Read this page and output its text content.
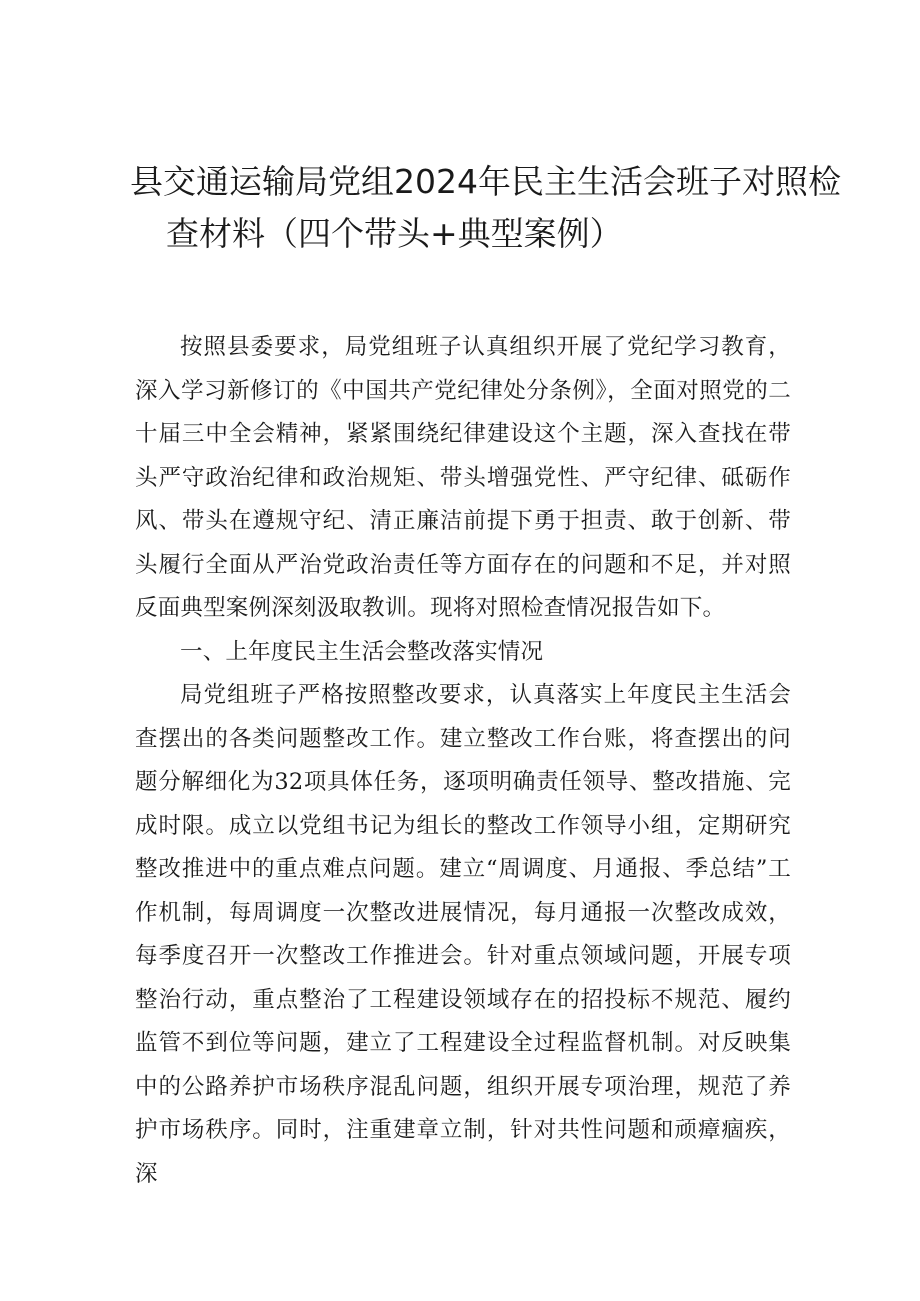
县交通运输局党组2024年民主生活会班子对照检
查材料（四个带头+典型案例）

按照县委要求，局党组班子认真组织开展了党纪学习教育，深入学习新修订的《中国共产党纪律处分条例》，全面对照党的二十届三中全会精神，紧紧围绕纪律建设这个主题，深入查找在带头严守政治纪律和政治规矩、带头增强党性、严守纪律、砥砺作风、带头在遵规守纪、清正廉洁前提下勇于担责、敢于创新、带头履行全面从严治党政治责任等方面存在的问题和不足，并对照反面典型案例深刻汲取教训。现将对照检查情况报告如下。

一、上年度民主生活会整改落实情况

局党组班子严格按照整改要求，认真落实上年度民主生活会查摆出的各类问题整改工作。建立整改工作台账，将查摆出的问题分解细化为32项具体任务，逐项明确责任领导、整改措施、完成时限。成立以党组书记为组长的整改工作领导小组，定期研究整改推进中的重点难点问题。建立“周调度、月通报、季总结”工作机制，每周调度一次整改进展情况，每月通报一次整改成效，每季度召开一次整改工作推进会。针对重点领域问题，开展专项整治行动，重点整治了工程建设领域存在的招投标不规范、履约监管不到位等问题，建立了工程建设全过程监督机制。对反映集中的公路养护市场秩序混乱问题，组织开展专项治理，规范了养护市场秩序。同时，注重建章立制，针对共性问题和顽瘴痼疾，深
